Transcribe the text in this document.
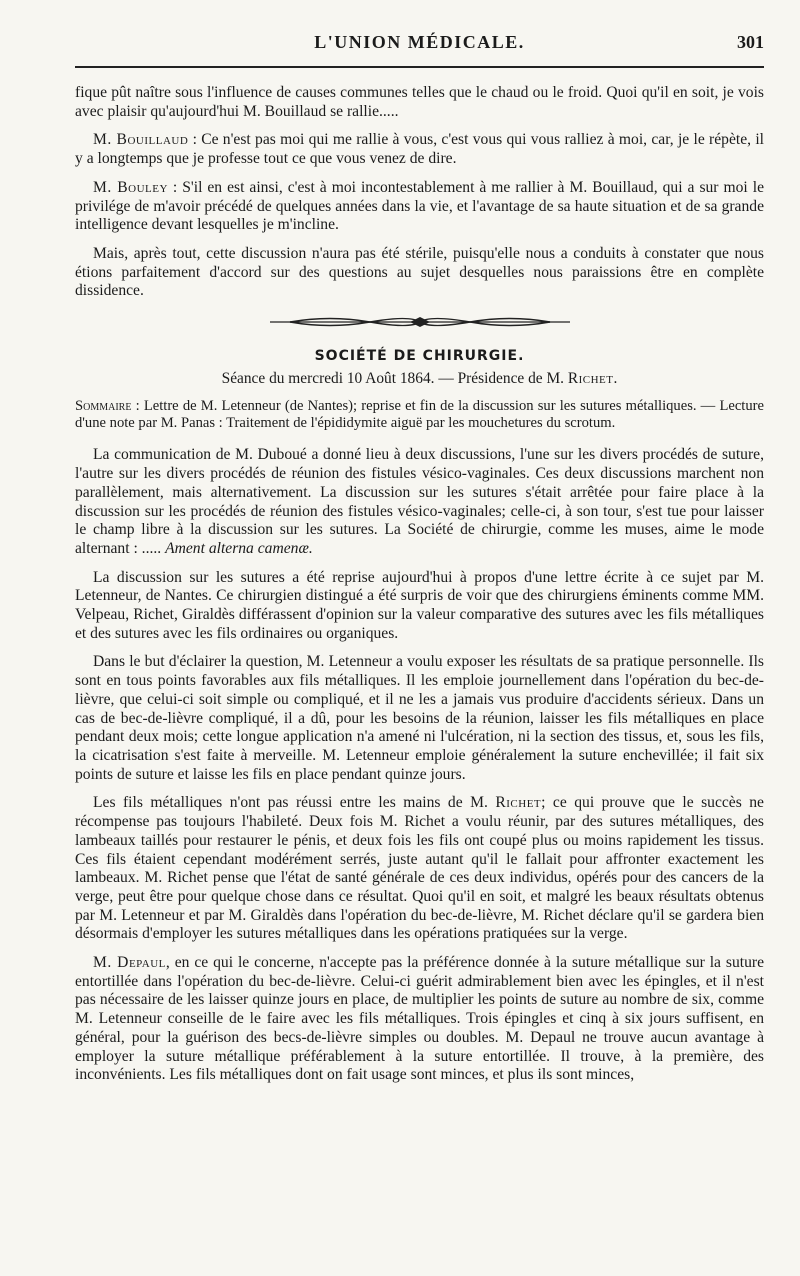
L'UNION MÉDICALE.	301

fique pût naître sous l'influence de causes communes telles que le chaud ou le froid. Quoi qu'il en soit, je vois avec plaisir qu'aujourd'hui M. Bouillaud se rallie.....

M. Bouillaud : Ce n'est pas moi qui me rallie à vous, c'est vous qui vous ralliez à moi, car, je le répète, il y a longtemps que je professe tout ce que vous venez de dire.

M. Bouley : S'il en est ainsi, c'est à moi incontestablement à me rallier à M. Bouillaud, qui a sur moi le privilége de m'avoir précédé de quelques années dans la vie, et l'avantage de sa haute situation et de sa grande intelligence devant lesquelles je m'incline.

Mais, après tout, cette discussion n'aura pas été stérile, puisqu'elle nous a conduits à constater que nous étions parfaitement d'accord sur des questions au sujet desquelles nous paraissions être en complète dissidence.

SOCIÉTÉ DE CHIRURGIE.
Séance du mercredi 10 Août 1864. — Présidence de M. Richet.

Sommaire : Lettre de M. Letenneur (de Nantes); reprise et fin de la discussion sur les sutures métalliques. — Lecture d'une note par M. Panas : Traitement de l'épididymite aiguë par les mouchetures du scrotum.

La communication de M. Duboué a donné lieu à deux discussions, l'une sur les divers procédés de suture, l'autre sur les divers procédés de réunion des fistules vésico-vaginales. Ces deux discussions marchent non parallèlement, mais alternativement. La discussion sur les sutures s'était arrêtée pour faire place à la discussion sur les procédés de réunion des fistules vésico-vaginales; celle-ci, à son tour, s'est tue pour laisser le champ libre à la discussion sur les sutures. La Société de chirurgie, comme les muses, aime le mode alternant : ..... Ament alterna camenæ.

La discussion sur les sutures a été reprise aujourd'hui à propos d'une lettre écrite à ce sujet par M. Letenneur, de Nantes. Ce chirurgien distingué a été surpris de voir que des chirurgiens éminents comme MM. Velpeau, Richet, Giraldès différassent d'opinion sur la valeur comparative des sutures avec les fils métalliques et des sutures avec les fils ordinaires ou organiques.

Dans le but d'éclairer la question, M. Letenneur a voulu exposer les résultats de sa pratique personnelle. Ils sont en tous points favorables aux fils métalliques. Il les emploie journellement dans l'opération du bec-de-lièvre, que celui-ci soit simple ou compliqué, et il ne les a jamais vus produire d'accidents sérieux. Dans un cas de bec-de-lièvre compliqué, il a dû, pour les besoins de la réunion, laisser les fils métalliques en place pendant deux mois; cette longue application n'a amené ni l'ulcération, ni la section des tissus, et, sous les fils, la cicatrisation s'est faite à merveille. M. Letenneur emploie généralement la suture enchevillée; il fait six points de suture et laisse les fils en place pendant quinze jours.

Les fils métalliques n'ont pas réussi entre les mains de M. Richet; ce qui prouve que le succès ne récompense pas toujours l'habileté. Deux fois M. Richet a voulu réunir, par des sutures métalliques, des lambeaux taillés pour restaurer le pénis, et deux fois les fils ont coupé plus ou moins rapidement les tissus. Ces fils étaient cependant modérément serrés, juste autant qu'il le fallait pour affronter exactement les lambeaux. M. Richet pense que l'état de santé générale de ces deux individus, opérés pour des cancers de la verge, peut être pour quelque chose dans ce résultat. Quoi qu'il en soit, et malgré les beaux résultats obtenus par M. Letenneur et par M. Giraldès dans l'opération du bec-de-lièvre, M. Richet déclare qu'il se gardera bien désormais d'employer les sutures métalliques dans les opérations pratiquées sur la verge.

M. Depaul, en ce qui le concerne, n'accepte pas la préférence donnée à la suture métallique sur la suture entortillée dans l'opération du bec-de-lièvre. Celui-ci guérit admirablement bien avec les épingles, et il n'est pas nécessaire de les laisser quinze jours en place, de multiplier les points de suture au nombre de six, comme M. Letenneur conseille de le faire avec les fils métalliques. Trois épingles et cinq à six jours suffisent, en général, pour la guérison des becs-de-lièvre simples ou doubles. M. Depaul ne trouve aucun avantage à employer la suture métallique préférablement à la suture entortillée. Il trouve, à la première, des inconvénients. Les fils métalliques dont on fait usage sont minces, et plus ils sont minces,
